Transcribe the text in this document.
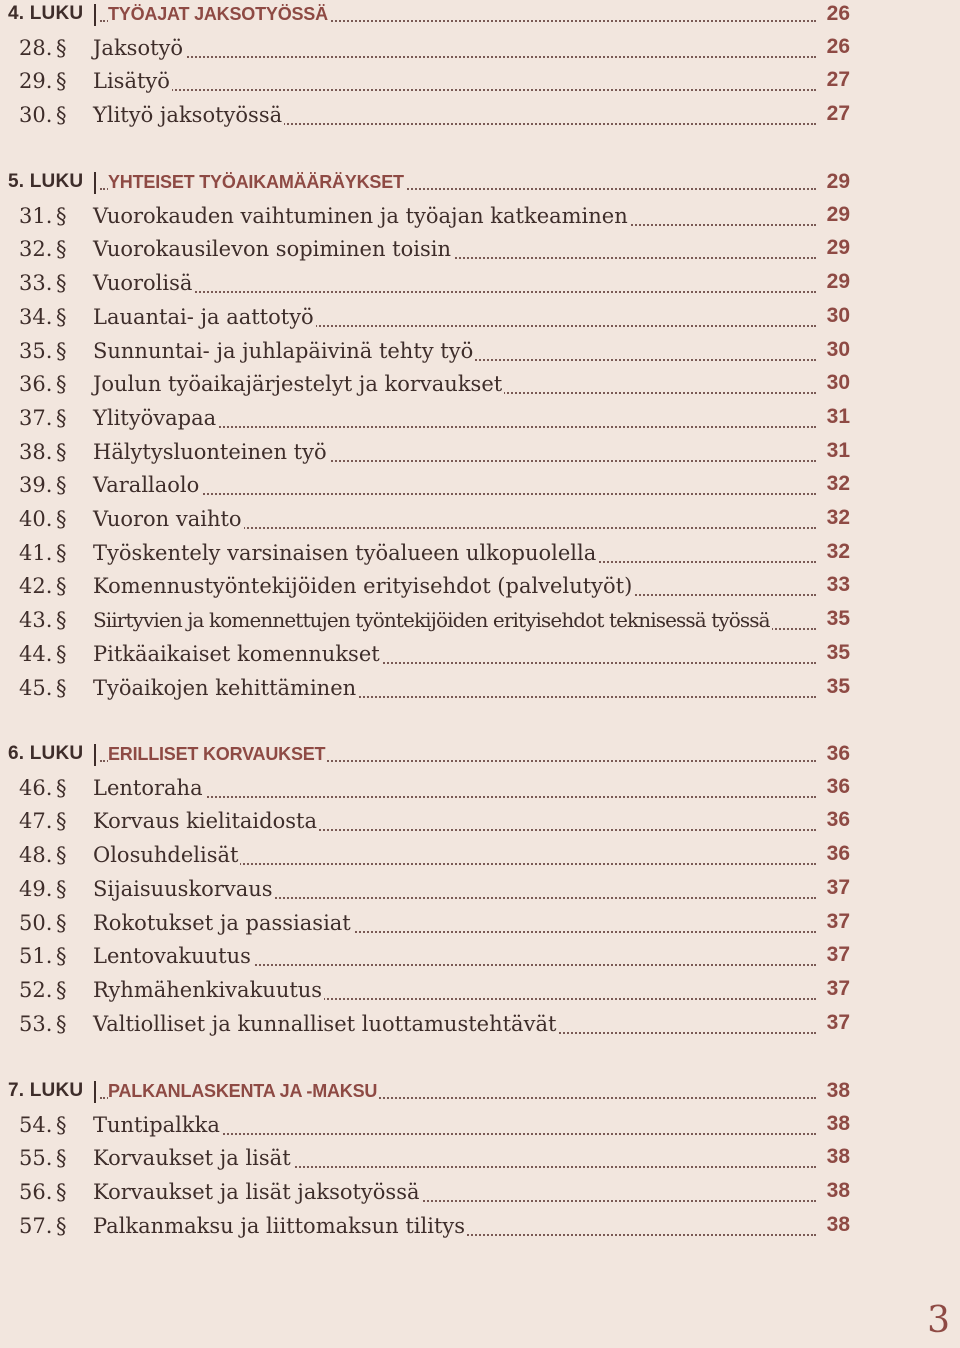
4. LUKU TYÖAJAT JAKSOTYÖSSÄ	26
28. § Jaksotyö	26
29. § Lisätyö	27
30. § Ylityö jaksotyössä	27
5. LUKU YHTEISET TYÖAIKAMÄÄRÄYKSET	29
31. § Vuorokauden vaihtuminen ja työajan katkeaminen	29
32. § Vuorokausilevon sopiminen toisin	29
33. § Vuorolisä	29
34. § Lauantai- ja aattotyö	30
35. § Sunnuntai- ja juhlapäivinä tehty työ	30
36. § Joulun työaikajärjestelyt ja korvaukset	30
37. § Ylityövapaa	31
38. § Hälytysluonteinen työ	31
39. § Varallaolo	32
40. § Vuoron vaihto	32
41. § Työskentely varsinaisen työalueen ulkopuolella	32
42. § Komennustyöntekijöiden erityisehdot (palvelutyöt)	33
43. § Siirtyvien ja komennettujen työntekijöiden erityisehdot teknisessä työssä	35
44. § Pitkäaikaiset komennukset	35
45. § Työaikojen kehittäminen	35
6. LUKU ERILLISET KORVAUKSET	36
46. § Lentoraha	36
47. § Korvaus kielitaidosta	36
48. § Olosuhdelisät	36
49. § Sijaisuuskorvaus	37
50. § Rokotukset ja passiasiat	37
51. § Lentovakuutus	37
52. § Ryhmähenkivakuutus	37
53. § Valtiolliset ja kunnalliset luottamustehtävät	37
7. LUKU PALKANLASKENTA JA -MAKSU	38
54. § Tuntipalkka	38
55. § Korvaukset ja lisät	38
56. § Korvaukset ja lisät jaksotyössä	38
57. § Palkanmaksu ja liittomaksun tilitys	38
3
